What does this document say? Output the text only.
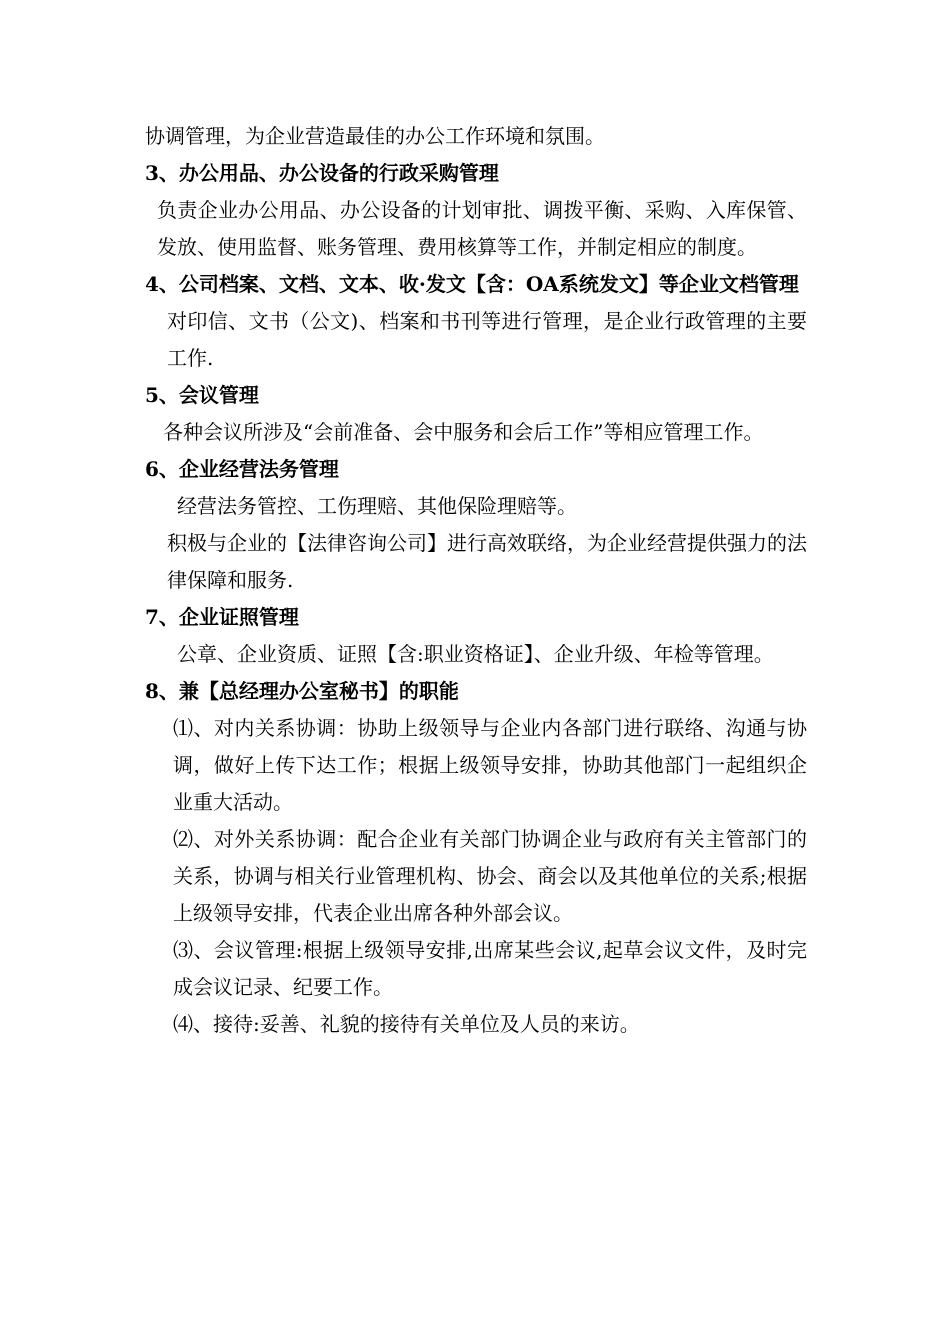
协调管理，为企业营造最佳的办公工作环境和氛围。

3、办公用品、办公设备的行政采购管理

负责企业办公用品、办公设备的计划审批、调拨平衡、采购、入库保管、发放、使用监督、账务管理、费用核算等工作，并制定相应的制度。

4、公司档案、文档、文本、收·发文【含：OA系统发文】等企业文档管理

对印信、文书（公文)、档案和书刊等进行管理，是企业行政管理的主要工作.

5、会议管理

各种会议所涉及“会前准备、会中服务和会后工作”等相应管理工作。

6、企业经营法务管理

经营法务管控、工伤理赔、其他保险理赔等。

积极与企业的【法律咨询公司】进行高效联络，为企业经营提供强力的法律保障和服务.

7、企业证照管理

公章、企业资质、证照【含:职业资格证】、企业升级、年检等管理。

8、兼【总经理办公室秘书】的职能

⑴、对内关系协调：协助上级领导与企业内各部门进行联络、沟通与协调，做好上传下达工作；根据上级领导安排，协助其他部门一起组织企业重大活动。

⑵、对外关系协调：配合企业有关部门协调企业与政府有关主管部门的关系，协调与相关行业管理机构、协会、商会以及其他单位的关系;根据上级领导安排，代表企业出席各种外部会议。

⑶、会议管理:根据上级领导安排,出席某些会议,起草会议文件，及时完成会议记录、纪要工作。

⑷、接待:妥善、礼貌的接待有关单位及人员的来访。
